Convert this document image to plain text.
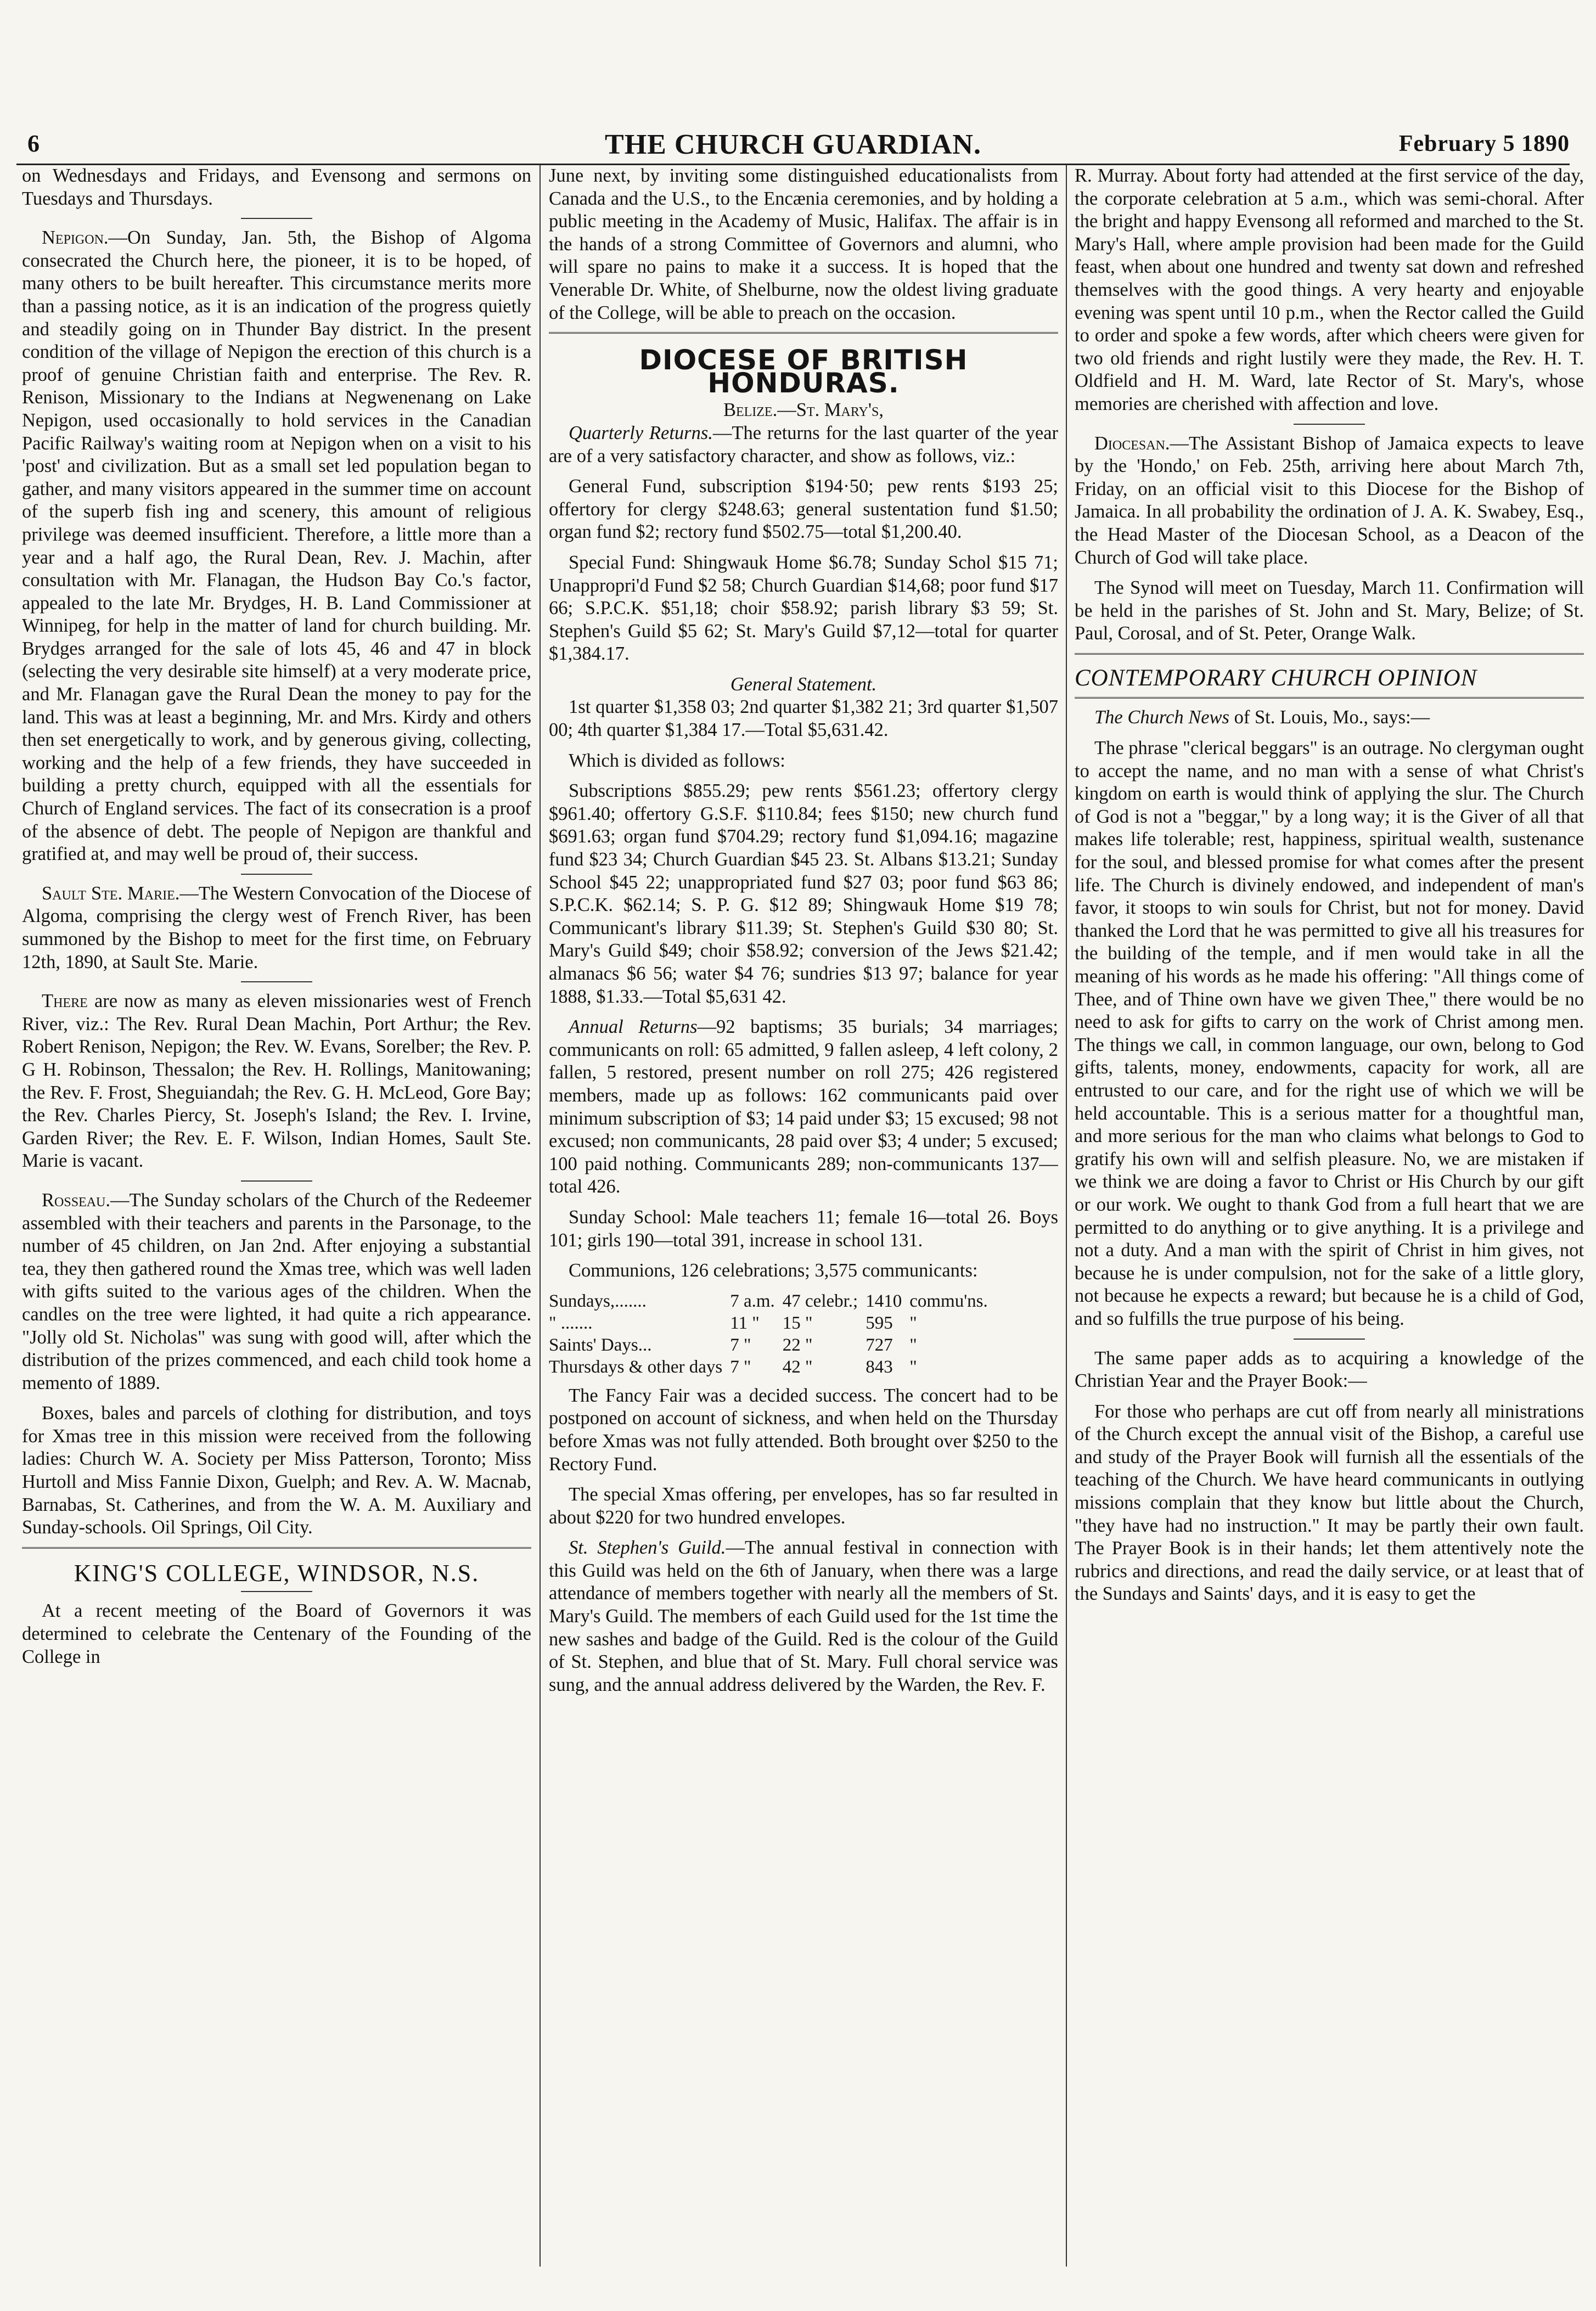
6	THE CHURCH GUARDIAN.	February 5 1890

on Wednesdays and Fridays, and Evensong and sermons on Tuesdays and Thursdays.

Nepigon.—On Sunday, Jan. 5th, the Bishop of Algoma consecrated the Church here, the pioneer, it is to be hoped, of many others to be built hereafter. This circumstance merits more than a passing notice, as it is an indication of the progress quietly and steadily going on in Thunder Bay district. In the present condition of the village of Nepigon the erection of this church is a proof of genuine Christian faith and enterprise. The Rev. R. Renison, Missionary to the Indians at Negwenenang on Lake Nepigon, used occasionally to hold services in the Canadian Pacific Railway's waiting room at Nepigon when on a visit to his 'post' and civilization. But as a small set led population began to gather, and many visitors appeared in the summer time on account of the superb fish ing and scenery, this amount of religious privilege was deemed insufficient. Therefore, a little more than a year and a half ago, the Rural Dean, Rev. J. Machin, after consultation with Mr. Flanagan, the Hudson Bay Co.'s factor, appealed to the late Mr. Brydges, H. B. Land Commissioner at Winnipeg, for help in the matter of land for church building. Mr. Brydges arranged for the sale of lots 45, 46 and 47 in block (selecting the very desirable site himself) at a very moderate price, and Mr. Flanagan gave the Rural Dean the money to pay for the land. This was at least a beginning, Mr. and Mrs. Kirdy and others then set energetically to work, and by generous giving, collecting, working and the help of a few friends, they have succeeded in building a pretty church, equipped with all the essentials for Church of England services. The fact of its consecration is a proof of the absence of debt. The people of Nepigon are thankful and gratified at, and may well be proud of, their success.

Sault Ste. Marie.—The Western Convocation of the Diocese of Algoma, comprising the clergy west of French River, has been summoned by the Bishop to meet for the first time, on February 12th, 1890, at Sault Ste. Marie.

There are now as many as eleven missionaries west of French River, viz.: The Rev. Rural Dean Machin, Port Arthur; the Rev. Robert Renison, Nepigon; the Rev. W. Evans, Sorelber; the Rev. P. G H. Robinson, Thessalon; the Rev. H. Rollings, Manitowaning; the Rev. F. Frost, Sheguiandah; the Rev. G. H. McLeod, Gore Bay; the Rev. Charles Piercy, St. Joseph's Island; the Rev. I. Irvine, Garden River; the Rev. E. F. Wilson, Indian Homes, Sault Ste. Marie is vacant.

Rosseau.—The Sunday scholars of the Church of the Redeemer assembled with their teachers and parents in the Parsonage, to the number of 45 children, on Jan 2nd. After enjoying a substantial tea, they then gathered round the Xmas tree, which was well laden with gifts suited to the various ages of the children. When the candles on the tree were lighted, it had quite a rich appearance. "Jolly old St. Nicholas" was sung with good will, after which the distribution of the prizes commenced, and each child took home a memento of 1889.

Boxes, bales and parcels of clothing for distribution, and toys for Xmas tree in this mission were received from the following ladies: Church W. A. Society per Miss Patterson, Toronto; Miss Hurtoll and Miss Fannie Dixon, Guelph; and Rev. A. W. Macnab, Barnabas, St. Catherines, and from the W. A. M. Auxiliary and Sunday-schools. Oil Springs, Oil City.

KING'S COLLEGE, WINDSOR, N.S.

At a recent meeting of the Board of Governors it was determined to celebrate the Centenary of the Founding of the College in

June next, by inviting some distinguished educationalists from Canada and the U.S., to the Encænia ceremonies, and by holding a public meeting in the Academy of Music, Halifax. The affair is in the hands of a strong Committee of Governors and alumni, who will spare no pains to make it a success. It is hoped that the Venerable Dr. White, of Shelburne, now the oldest living graduate of the College, will be able to preach on the occasion.

DIOCESE OF BRITISH HONDURAS.
Belize.—St. Mary's,

Quarterly Returns.—The returns for the last quarter of the year are of a very satisfactory character, and show as follows, viz.:

General Fund, subscription $194·50; pew rents $193 25; offertory for clergy $248.63; general sustentation fund $1.50; organ fund $2; rectory fund $502.75—total $1,200.40.

Special Fund: Shingwauk Home $6.78; Sunday Schol $15 71; Unappropri'd Fund $2 58; Church Guardian $14,68; poor fund $17 66; S.P.C.K. $51,18; choir $58.92; parish library $3 59; St. Stephen's Guild $5 62; St. Mary's Guild $7,12—total for quarter $1,384.17.

General Statement.

1st quarter $1,358 03; 2nd quarter $1,382 21; 3rd quarter $1,507 00; 4th quarter $1,384 17.—Total $5,631.42.

Which is divided as follows:

Subscriptions $855.29; pew rents $561.23; offertory clergy $961.40; offertory G.S.F. $110.84; fees $150; new church fund $691.63; organ fund $704.29; rectory fund $1,094.16; magazine fund $23 34; Church Guardian $45 23. St. Albans $13.21; Sunday School $45 22; unappropriated fund $27 03; poor fund $63 86; S.P.C.K. $62.14; S. P. G. $12 89; Shingwauk Home $19 78; Communicant's library $11.39; St. Stephen's Guild $30 80; St. Mary's Guild $49; choir $58.92; conversion of the Jews $21.42; almanacs $6 56; water $4 76; sundries $13 97; balance for year 1888, $1.33.—Total $5,631 42.

Annual Returns—92 baptisms; 35 burials; 34 marriages; communicants on roll: 65 admitted, 9 fallen asleep, 4 left colony, 2 fallen, 5 restored, present number on roll 275; 426 registered members, made up as follows: 162 communicants paid over minimum subscription of $3; 14 paid under $3; 15 excused; 98 not excused; non communicants, 28 paid over $3; 4 under; 5 excused; 100 paid nothing. Communicants 289; non-communicants 137—total 426.

Sunday School: Male teachers 11; female 16—total 26. Boys 101; girls 190—total 391, increase in school 131.

Communions, 126 celebrations; 3,575 communicants:

Sundays,.......	7 a.m.	47 celebr.;	1410	commu'ns.
" .......	11 "	15 "	595	"
Saints' Days...	7 "	22 "	727	"
Thursdays & other days	7 "	42 "	843	"

The Fancy Fair was a decided success. The concert had to be postponed on account of sickness, and when held on the Thursday before Xmas was not fully attended. Both brought over $250 to the Rectory Fund.

The special Xmas offering, per envelopes, has so far resulted in about $220 for two hundred envelopes.

St. Stephen's Guild.—The annual festival in connection with this Guild was held on the 6th of January, when there was a large attendance of members together with nearly all the members of St. Mary's Guild. The members of each Guild used for the 1st time the new sashes and badge of the Guild. Red is the colour of the Guild of St. Stephen, and blue that of St. Mary. Full choral service was sung, and the annual address delivered by the Warden, the Rev. F.

R. Murray. About forty had attended at the first service of the day, the corporate celebration at 5 a.m., which was semi-choral. After the bright and happy Evensong all reformed and marched to the St. Mary's Hall, where ample provision had been made for the Guild feast, when about one hundred and twenty sat down and refreshed themselves with the good things. A very hearty and enjoyable evening was spent until 10 p.m., when the Rector called the Guild to order and spoke a few words, after which cheers were given for two old friends and right lustily were they made, the Rev. H. T. Oldfield and H. M. Ward, late Rector of St. Mary's, whose memories are cherished with affection and love.

Diocesan.—The Assistant Bishop of Jamaica expects to leave by the 'Hondo,' on Feb. 25th, arriving here about March 7th, Friday, on an official visit to this Diocese for the Bishop of Jamaica. In all probability the ordination of J. A. K. Swabey, Esq., the Head Master of the Diocesan School, as a Deacon of the Church of God will take place.

The Synod will meet on Tuesday, March 11. Confirmation will be held in the parishes of St. John and St. Mary, Belize; of St. Paul, Corosal, and of St. Peter, Orange Walk.

CONTEMPORARY CHURCH OPINION

The Church News of St. Louis, Mo., says:—

The phrase "clerical beggars" is an outrage. No clergyman ought to accept the name, and no man with a sense of what Christ's kingdom on earth is would think of applying the slur. The Church of God is not a "beggar," by a long way; it is the Giver of all that makes life tolerable; rest, happiness, spiritual wealth, sustenance for the soul, and blessed promise for what comes after the present life. The Church is divinely endowed, and independent of man's favor, it stoops to win souls for Christ, but not for money. David thanked the Lord that he was permitted to give all his treasures for the building of the temple, and if men would take in all the meaning of his words as he made his offering: "All things come of Thee, and of Thine own have we given Thee," there would be no need to ask for gifts to carry on the work of Christ among men. The things we call, in common language, our own, belong to God gifts, talents, money, endowments, capacity for work, all are entrusted to our care, and for the right use of which we will be held accountable. This is a serious matter for a thoughtful man, and more serious for the man who claims what belongs to God to gratify his own will and selfish pleasure. No, we are mistaken if we think we are doing a favor to Christ or His Church by our gift or our work. We ought to thank God from a full heart that we are permitted to do anything or to give anything. It is a privilege and not a duty. And a man with the spirit of Christ in him gives, not because he is under compulsion, not for the sake of a little glory, not because he expects a reward; but because he is a child of God, and so fulfills the true purpose of his being.

The same paper adds as to acquiring a knowledge of the Christian Year and the Prayer Book:—

For those who perhaps are cut off from nearly all ministrations of the Church except the annual visit of the Bishop, a careful use and study of the Prayer Book will furnish all the essentials of the teaching of the Church. We have heard communicants in outlying missions complain that they know but little about the Church, "they have had no instruction." It may be partly their own fault. The Prayer Book is in their hands; let them attentively note the rubrics and directions, and read the daily service, or at least that of the Sundays and Saints' days, and it is easy to get the
